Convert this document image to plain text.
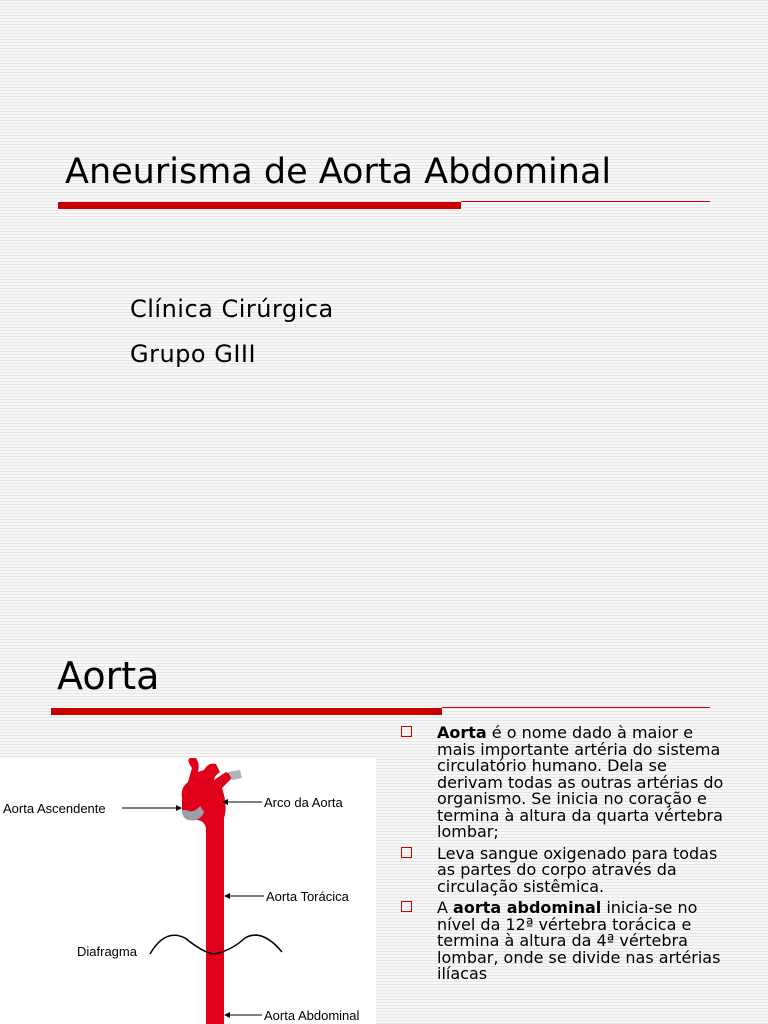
Aneurisma de Aorta Abdominal
Clínica Cirúrgica
Grupo GIII
Aorta
Aorta Ascendente	Arco da Aorta
Aorta Torácica
Diafragma
Aorta Abdominal
Aorta é o nome dado à maior e mais importante artéria do sistema circulatório humano. Dela se derivam todas as outras artérias do organismo. Se inicia no coração e termina à altura da quarta vértebra lombar;
Leva sangue oxigenado para todas as partes do corpo através da circulação sistêmica.
A aorta abdominal inicia-se no nível da 12ª vértebra torácica e termina à altura da 4ª vértebra lombar, onde se divide nas artérias ilíacas
